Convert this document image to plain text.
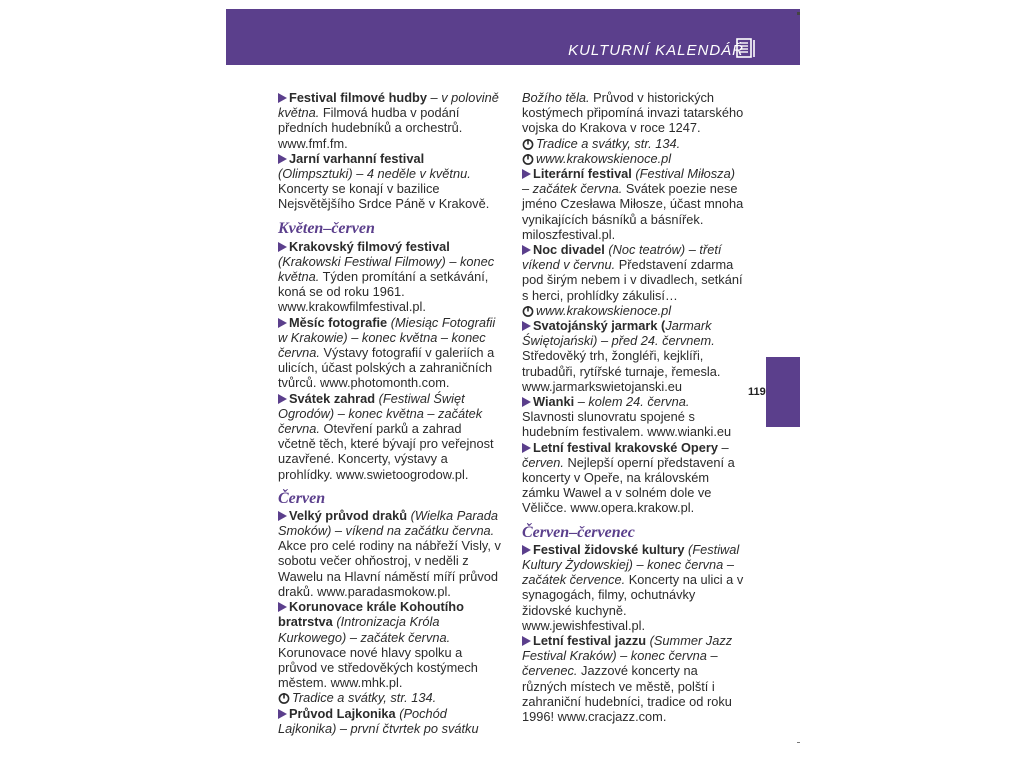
KULTURNÍ KALENDÁŘ
119

Festival filmové hudby – v polovině května. Filmová hudba v podání předních hudebníků a orchestrů. www.fmf.fm.

Jarní varhanní festival (Olimpsztuki) – 4 neděle v květnu. Koncerty se konají v bazilice Nejsvětějšího Srdce Páně v Krakově.

Květen–červen

Krakovský filmový festival (Krakowski Festiwal Filmowy) – konec května. Týden promítání a setkávání, koná se od roku 1961. www.krakowfilmfestival.pl.

Měsíc fotografie (Miesiąc Fotografii w Krakowie) – konec května – konec června. Výstavy fotografií v galeriích a ulicích, účast polských a zahraničních tvůrců. www.photomonth.com.

Svátek zahrad (Festiwal Święt Ogrodów) – konec května – začátek června. Otevření parků a zahrad včetně těch, které bývají pro veřejnost uzavřené. Koncerty, výstavy a prohlídky. www.swietoogrodow.pl.

Červen

Velký průvod draků (Wielka Parada Smoków) – víkend na začátku června. Akce pro celé rodiny na nábřeží Visly, v sobotu večer ohňostroj, v neděli z Wawelu na Hlavní náměstí míří průvod draků. www.paradasmokow.pl.

Korunovace krále Kohoutího bratrstva (Intronizacja Króla Kurkowego) – začátek června. Korunovace nové hlavy spolku a průvod ve středověkých kostýmech městem. www.mhk.pl.

Tradice a svátky, str. 134.

Průvod Lajkonika (Pochód Lajkonika) – první čtvrtek po svátku

Božího těla. Průvod v historických kostýmech připomíná invazi tatarského vojska do Krakova v roce 1247.

Tradice a svátky, str. 134.

www.krakowskienoce.pl

Literární festival (Festival Miłosza) – začátek června. Svátek poezie nese jméno Czesława Miłosze, účast mnoha vynikajících básníků a básnířek. miloszfestival.pl.

Noc divadel (Noc teatrów) – třetí víkend v červnu. Představení zdarma pod širým nebem i v divadlech, setkání s herci, prohlídky zákulisí…

www.krakowskienoce.pl

Svatojánský jarmark (Jarmark Świętojański) – před 24. červnem. Středověký trh, žongléři, kejklíři, trubadůři, rytířské turnaje, řemesla. www.jarmarkswietojanski.eu

Wianki – kolem 24. června. Slavnosti slunovratu spojené s hudebním festivalem. www.wianki.eu

Letní festival krakovské Opery – červen. Nejlepší operní představení a koncerty v Opeře, na královském zámku Wawel a v solném dole ve Věličce. www.opera.krakow.pl.

Červen–červenec

Festival židovské kultury (Festiwal Kultury Żydowskiej) – konec června – začátek července. Koncerty na ulici a v synagogách, filmy, ochutnávky židovské kuchyně. www.jewishfestival.pl.

Letní festival jazzu (Summer Jazz Festival Kraków) – konec června –červenec. Jazzové koncerty na různých místech ve městě, polští i zahraniční hudebníci, tradice od roku 1996! www.cracjazz.com.
